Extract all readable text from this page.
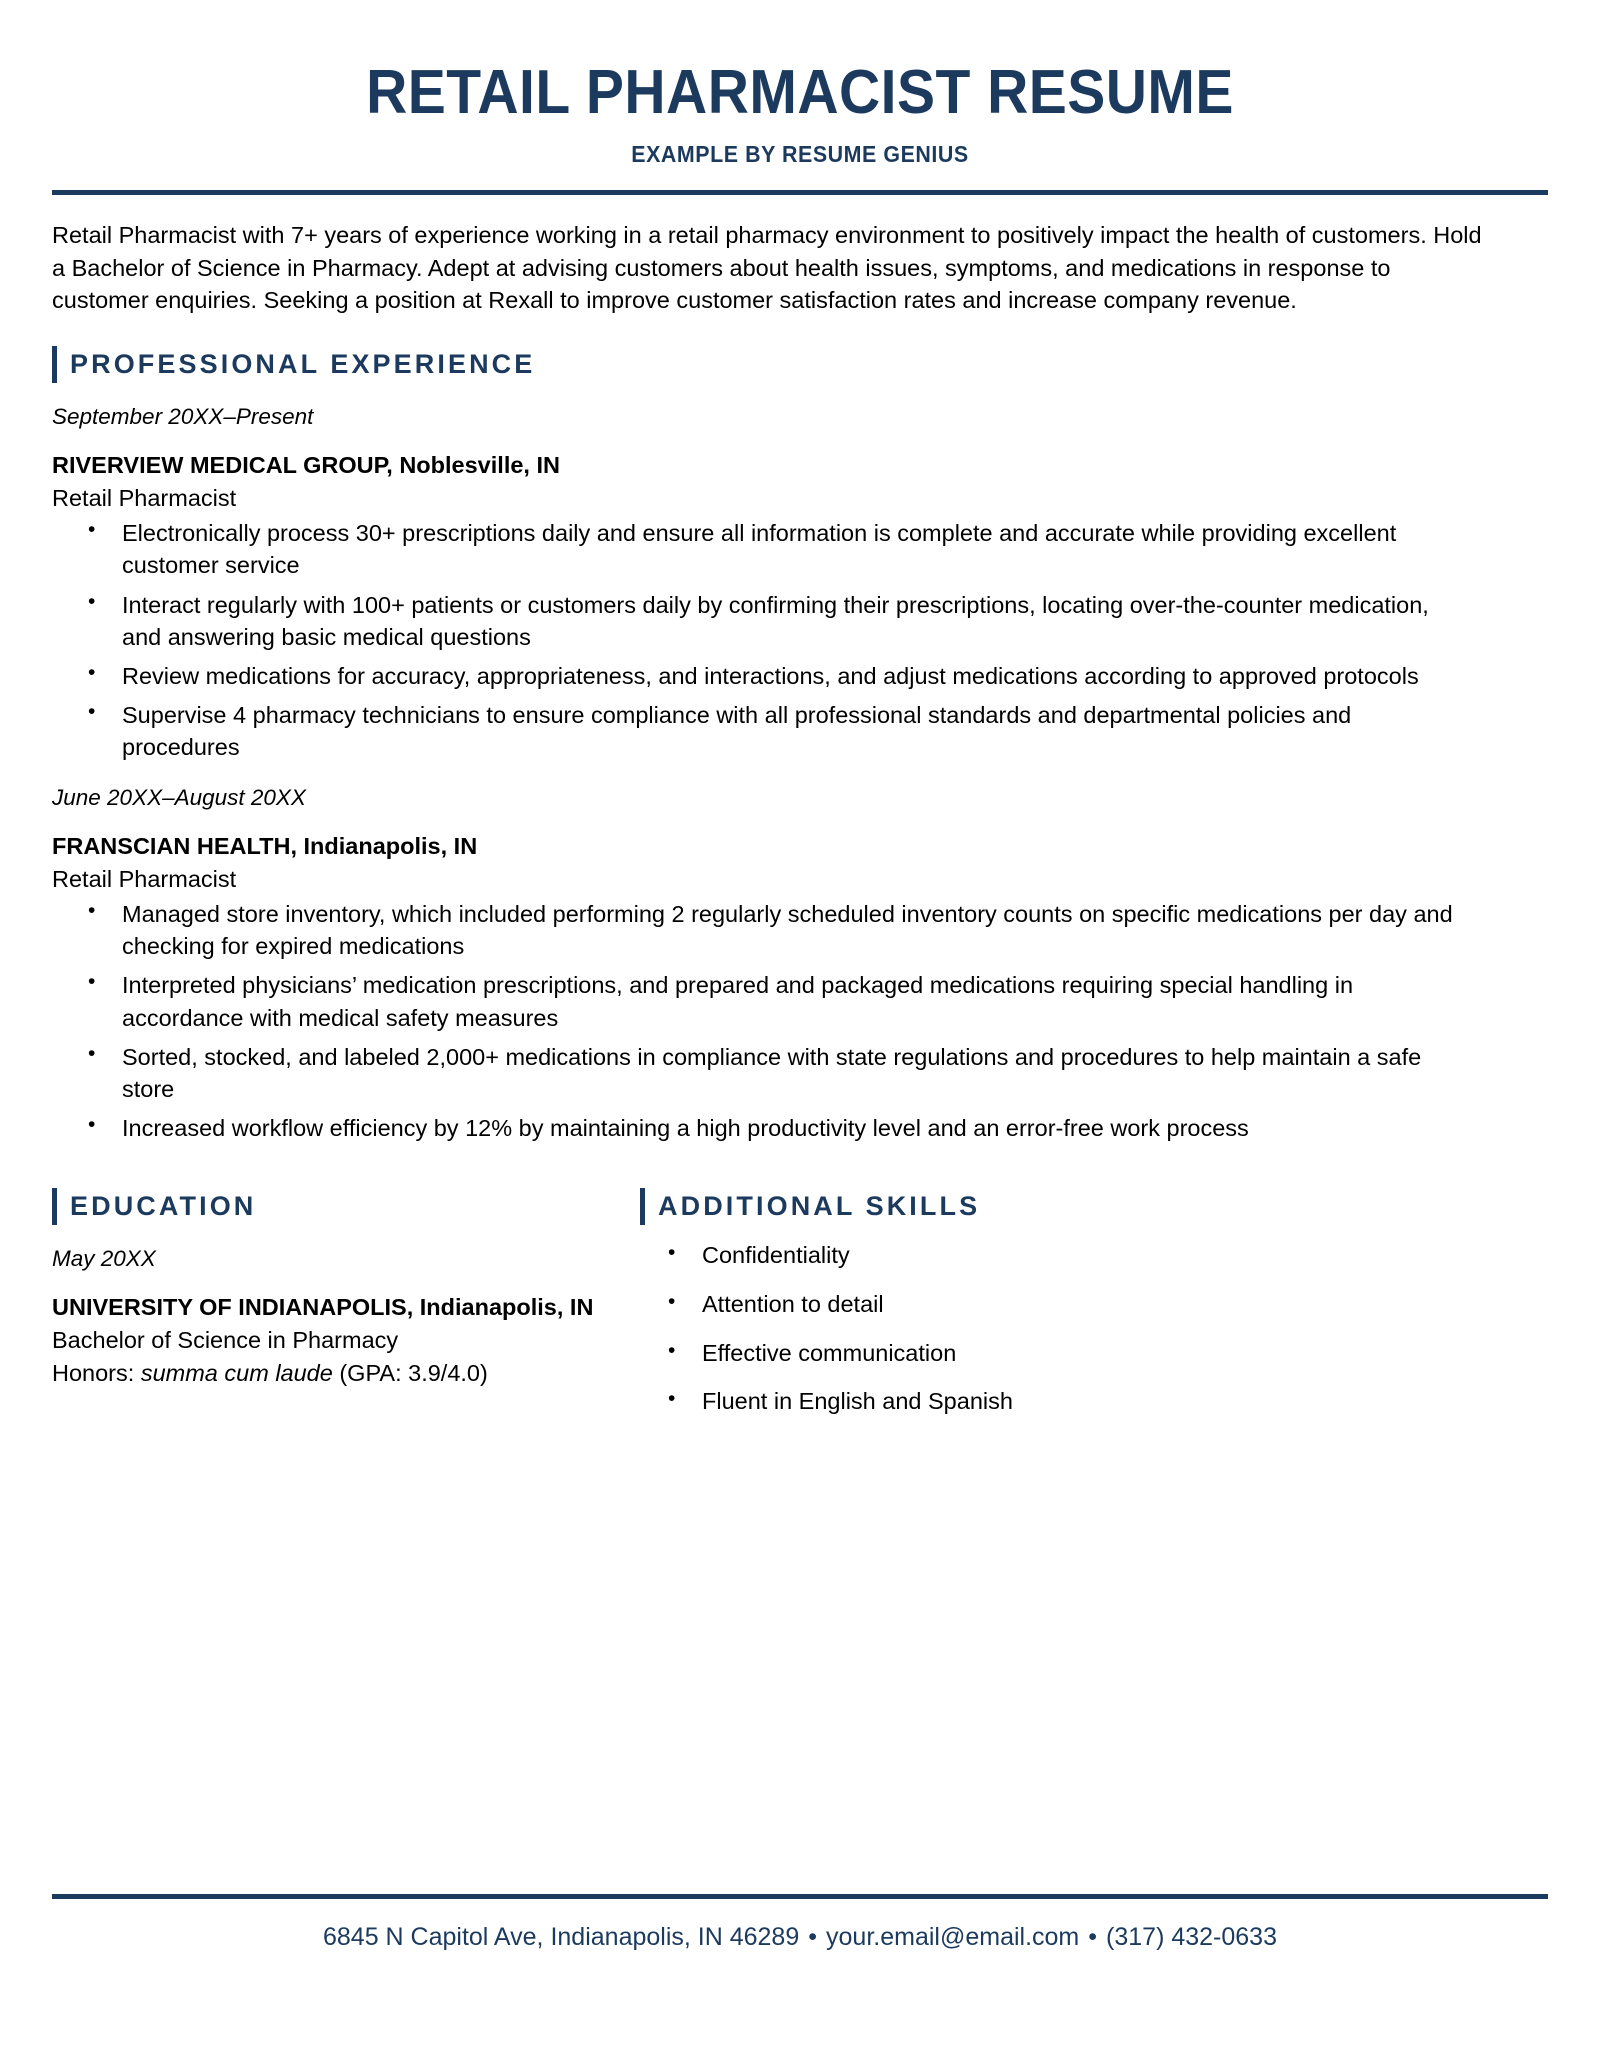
RETAIL PHARMACIST RESUME
EXAMPLE BY RESUME GENIUS

Retail Pharmacist with 7+ years of experience working in a retail pharmacy environment to positively impact the health of customers. Hold a Bachelor of Science in Pharmacy. Adept at advising customers about health issues, symptoms, and medications in response to customer enquiries. Seeking a position at Rexall to improve customer satisfaction rates and increase company revenue.

PROFESSIONAL EXPERIENCE
September 20XX–Present
RIVERVIEW MEDICAL GROUP, Noblesville, IN
Retail Pharmacist
• Electronically process 30+ prescriptions daily and ensure all information is complete and accurate while providing excellent customer service
• Interact regularly with 100+ patients or customers daily by confirming their prescriptions, locating over-the-counter medication, and answering basic medical questions
• Review medications for accuracy, appropriateness, and interactions, and adjust medications according to approved protocols
• Supervise 4 pharmacy technicians to ensure compliance with all professional standards and departmental policies and procedures
June 20XX–August 20XX
FRANSCIAN HEALTH, Indianapolis, IN
Retail Pharmacist
• Managed store inventory, which included performing 2 regularly scheduled inventory counts on specific medications per day and checking for expired medications
• Interpreted physicians’ medication prescriptions, and prepared and packaged medications requiring special handling in accordance with medical safety measures
• Sorted, stocked, and labeled 2,000+ medications in compliance with state regulations and procedures to help maintain a safe store
• Increased workflow efficiency by 12% by maintaining a high productivity level and an error-free work process
EDUCATION
May 20XX
UNIVERSITY OF INDIANAPOLIS, Indianapolis, IN
Bachelor of Science in Pharmacy
Honors: summa cum laude (GPA: 3.9/4.0)
ADDITIONAL SKILLS
• Confidentiality
• Attention to detail
• Effective communication
• Fluent in English and Spanish
6845 N Capitol Ave, Indianapolis, IN 46289 • your.email@email.com • (317) 432-0633
